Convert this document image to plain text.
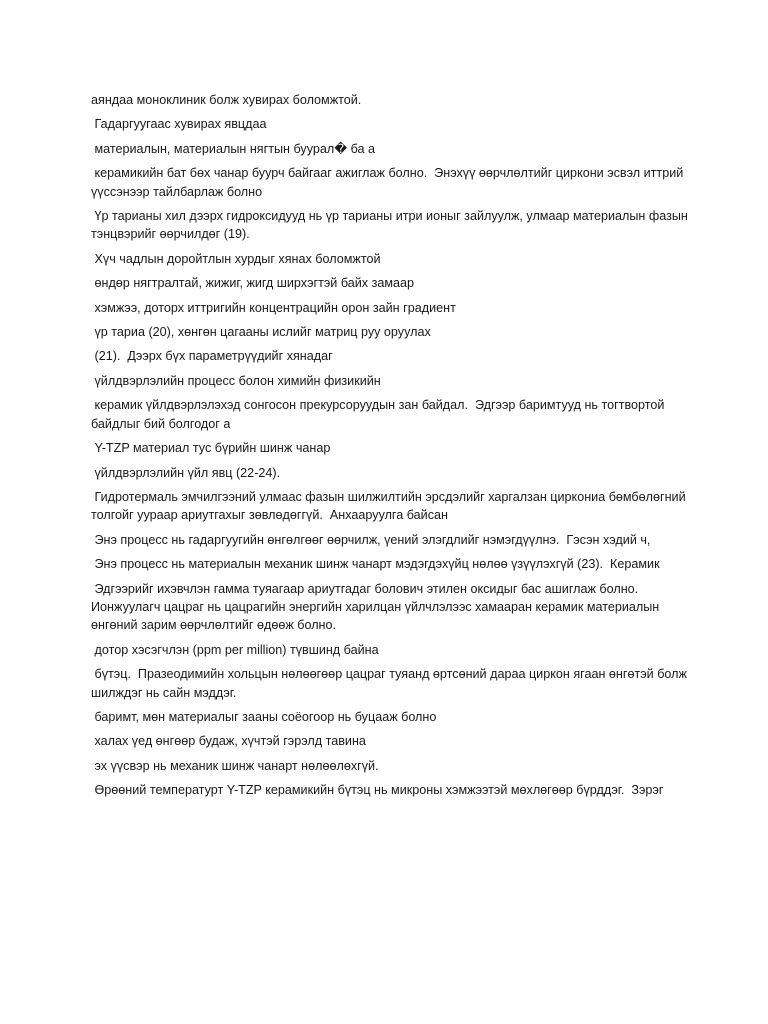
аяндаа моноклиник болж хувирах боломжтой.

Гадаргуугаас хувирах явцдаа

материалын, материалын нягтын буурал� ба а

керамикийн бат бөх чанар буурч байгааг ажиглаж болно.  Энэхүү өөрчлөлтийг циркони эсвэл иттрий үүссэнээр тайлбарлаж болно

Үр тарианы хил дээрх гидроксидууд нь үр тарианы итри ионыг зайлуулж, улмаар материалын фазын тэнцвэрийг өөрчилдөг (19).

Хүч чадлын доройтлын хурдыг хянах боломжтой

өндөр нягтралтай, жижиг, жигд ширхэгтэй байх замаар

хэмжээ, доторх иттригийн концентрацийн орон зайн градиент

үр тариа (20), хөнгөн цагааны ислийг матриц руу оруулах

(21).  Дээрх бүх параметрүүдийг хянадаг

үйлдвэрлэлийн процесс болон химийн физикийн

керамик үйлдвэрлэлэхэд сонгосон прекурсоруудын зан байдал.  Эдгээр баримтууд нь тогтвортой байдлыг бий болгодог а

Y-TZP материал тус бүрийн шинж чанар

үйлдвэрлэлийн үйл явц (22-24).

Гидротермаль эмчилгээний улмаас фазын шилжилтийн эрсдэлийг харгалзан циркониа бөмбөлөгний толгойг уураар ариутгахыг зөвлөдөггүй.  Анхааруулга байсан

Энэ процесс нь гадаргуугийн өнгөлгөөг өөрчилж, үений элэгдлийг нэмэгдүүлнэ.  Гэсэн хэдий ч,

Энэ процесс нь материалын механик шинж чанарт мэдэгдэхүйц нөлөө үзүүлэхгүй (23).  Керамик

Эдгээрийг ихэвчлэн гамма туяагаар ариутгадаг болович этилен оксидыг бас ашиглаж болно.  Ионжуулагч цацраг нь цацрагийн энергийн харилцан үйлчлэлээс хамааран керамик материалын өнгөний зарим өөрчлөлтийг өдөөж болно.

дотор хэсэгчлэн (ppm per million) түвшинд байна

бүтэц.  Празеодимийн хольцын нөлөөгөөр цацраг туяанд өртсөний дараа циркон ягаан өнгөтэй болж шилждэг нь сайн мэддэг.

баримт, мөн материалыг зааны соёогоор нь буцааж болно

халах үед өнгөөр будаж, хүчтэй гэрэлд тавина

эх үүсвэр нь механик шинж чанарт нөлөөлөхгүй.

Өрөөний температурт Y-TZP керамикийн бүтэц нь микроны хэмжээтэй мөхлөгөөр бүрддэг.  Зэрэг
